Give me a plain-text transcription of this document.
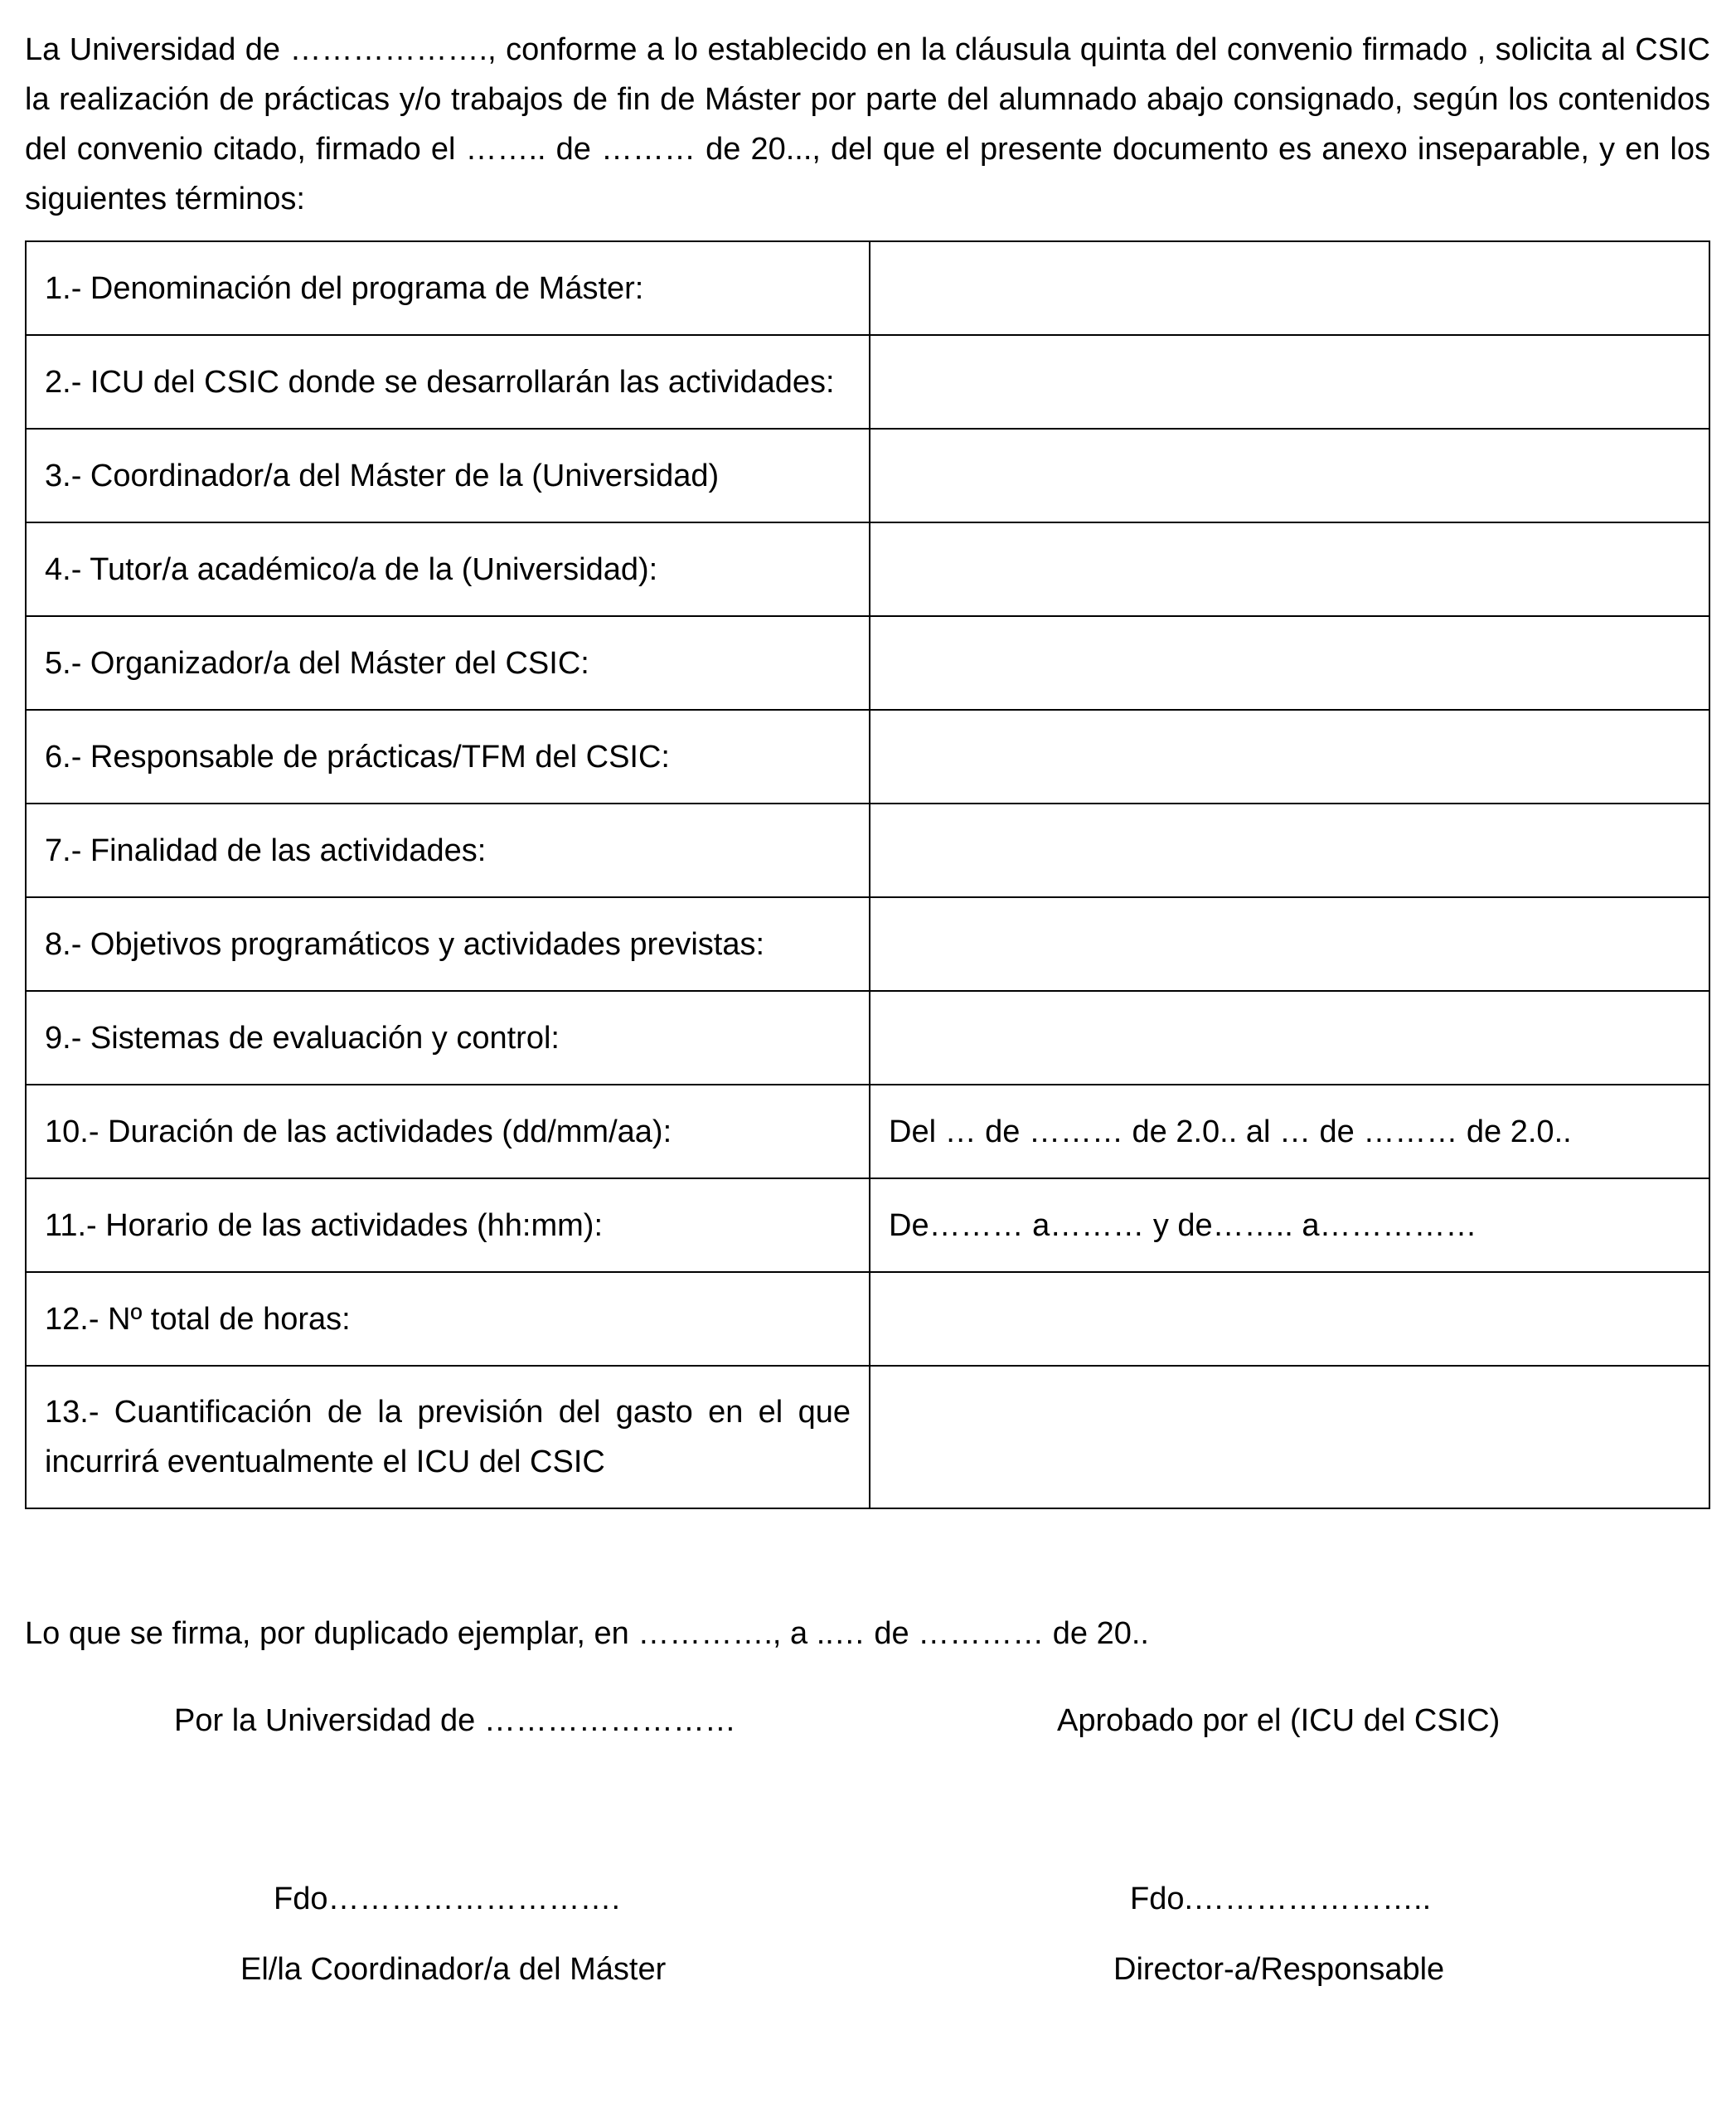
La Universidad de ………………., conforme a lo establecido en la cláusula quinta del convenio firmado , solicita al CSIC la realización de prácticas y/o trabajos de fin de Máster por parte del alumnado abajo consignado, según los contenidos del convenio citado, firmado el …….. de ……… de 20..., del que el presente documento es anexo inseparable, y en los siguientes términos:

1.- Denominación del programa de Máster:	
2.- ICU del CSIC donde se desarrollarán las actividades:	
3.- Coordinador/a del Máster de la (Universidad)	
4.- Tutor/a académico/a de la (Universidad):	
5.- Organizador/a del Máster del CSIC:	
6.- Responsable de prácticas/TFM del CSIC:	
7.- Finalidad de las actividades:	
8.- Objetivos programáticos y actividades previstas:	
9.- Sistemas de evaluación y control:	
10.- Duración de las actividades (dd/mm/aa):	Del … de ……… de 2.0.. al … de ……… de 2.0..
11.- Horario de las actividades (hh:mm):	De……… a……… y de…….. a……………
12.- Nº total de horas:	
13.- Cuantificación de la previsión del gasto en el que incurrirá eventualmente el ICU del CSIC	

Lo que se firma, por duplicado ejemplar, en …………., a ..… de ………… de 20..

Por la Universidad de ……………………	Aprobado por el (ICU del CSIC)
Fdo……………………….	Fdo.…………………..
El/la Coordinador/a del Máster	Director-a/Responsable
